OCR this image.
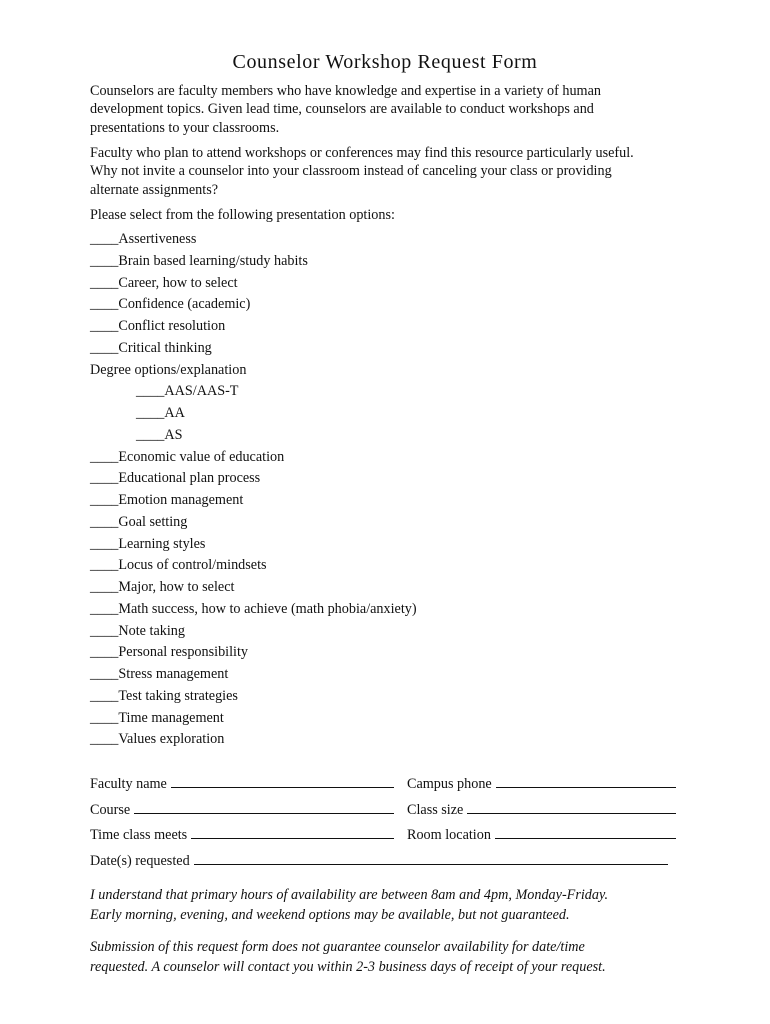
Counselor Workshop Request Form
Counselors are faculty members who have knowledge and expertise in a variety of human
development topics. Given lead time, counselors are available to conduct workshops and
presentations to your classrooms.
Faculty who plan to attend workshops or conferences may find this resource particularly useful.
Why not invite a counselor into your classroom instead of canceling your class or providing
alternate assignments?
Please select from the following presentation options:
____Assertiveness
____Brain based learning/study habits
____Career, how to select
____Confidence (academic)
____Conflict resolution
____Critical thinking
Degree options/explanation
____AAS/AAS-T
____AA
____AS
____Economic value of education
____Educational plan process
____Emotion management
____Goal setting
____Learning styles
____Locus of control/mindsets
____Major, how to select
____Math success, how to achieve (math phobia/anxiety)
____Note taking
____Personal responsibility
____Stress management
____Test taking strategies
____Time management
____Values exploration
Faculty name	Campus phone
Course	Class size
Time class meets	Room location
Date(s) requested
I understand that primary hours of availability are between 8am and 4pm, Monday-Friday.
Early morning, evening, and weekend options may be available, but not guaranteed.
Submission of this request form does not guarantee counselor availability for date/time
requested. A counselor will contact you within 2-3 business days of receipt of your request.
